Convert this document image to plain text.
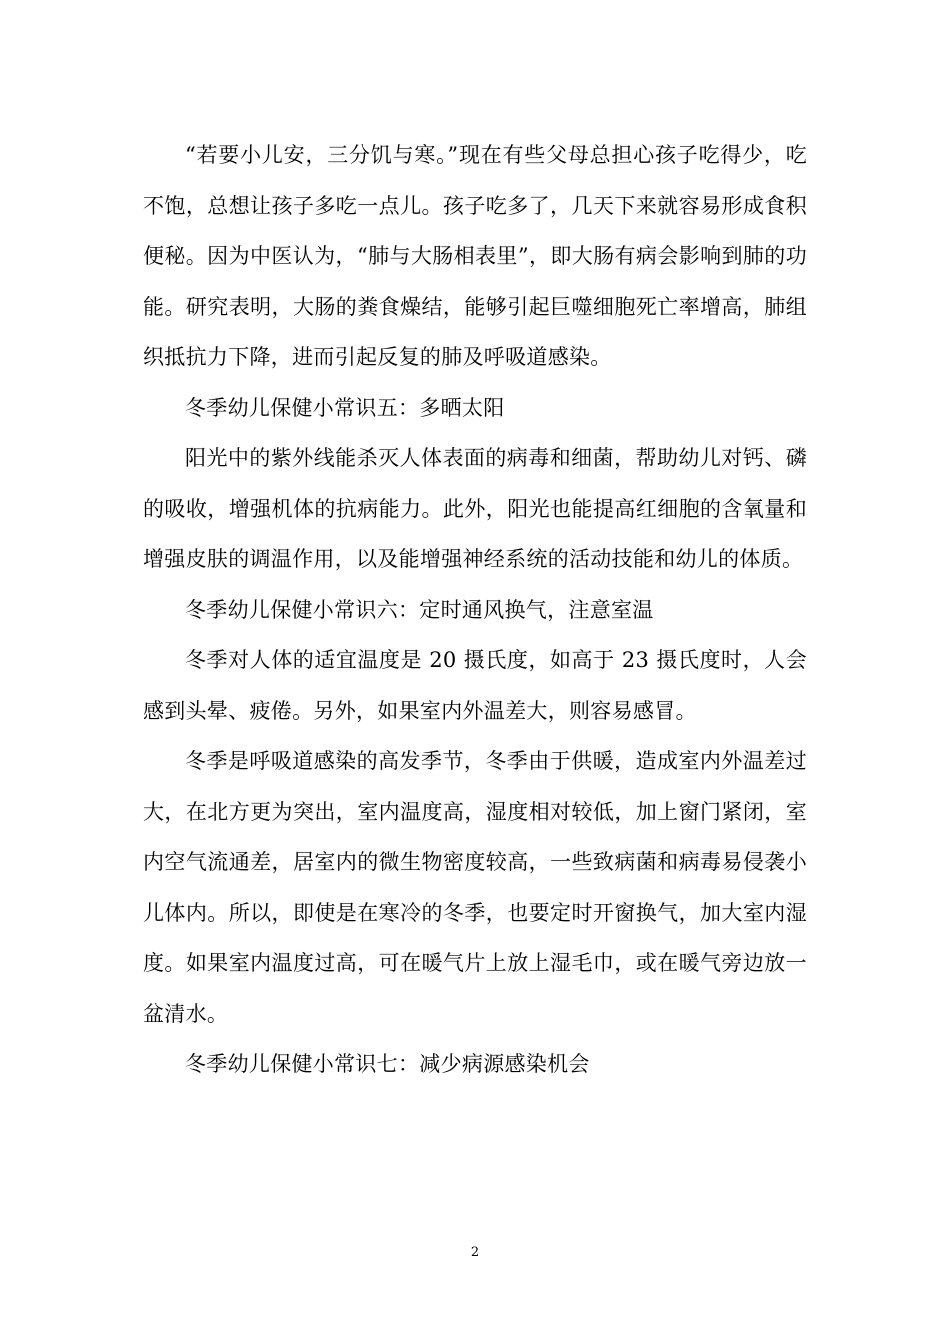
“若要小儿安，三分饥与寒。”现在有些父母总担心孩子吃得少，吃不饱，总想让孩子多吃一点儿。孩子吃多了，几天下来就容易形成食积便秘。因为中医认为，“肺与大肠相表里”，即大肠有病会影响到肺的功能。研究表明，大肠的粪食燥结，能够引起巨噬细胞死亡率增高，肺组织抵抗力下降，进而引起反复的肺及呼吸道感染。

冬季幼儿保健小常识五：多晒太阳

阳光中的紫外线能杀灭人体表面的病毒和细菌，帮助幼儿对钙、磷的吸收，增强机体的抗病能力。此外，阳光也能提高红细胞的含氧量和增强皮肤的调温作用，以及能增强神经系统的活动技能和幼儿的体质。

冬季幼儿保健小常识六：定时通风换气，注意室温

冬季对人体的适宜温度是 20 摄氏度，如高于 23 摄氏度时，人会感到头晕、疲倦。另外，如果室内外温差大，则容易感冒。

冬季是呼吸道感染的高发季节，冬季由于供暖，造成室内外温差过大，在北方更为突出，室内温度高，湿度相对较低，加上窗门紧闭，室内空气流通差，居室内的微生物密度较高，一些致病菌和病毒易侵袭小儿体内。所以，即使是在寒冷的冬季，也要定时开窗换气，加大室内湿度。如果室内温度过高，可在暖气片上放上湿毛巾，或在暖气旁边放一盆清水。

冬季幼儿保健小常识七：减少病源感染机会

2
